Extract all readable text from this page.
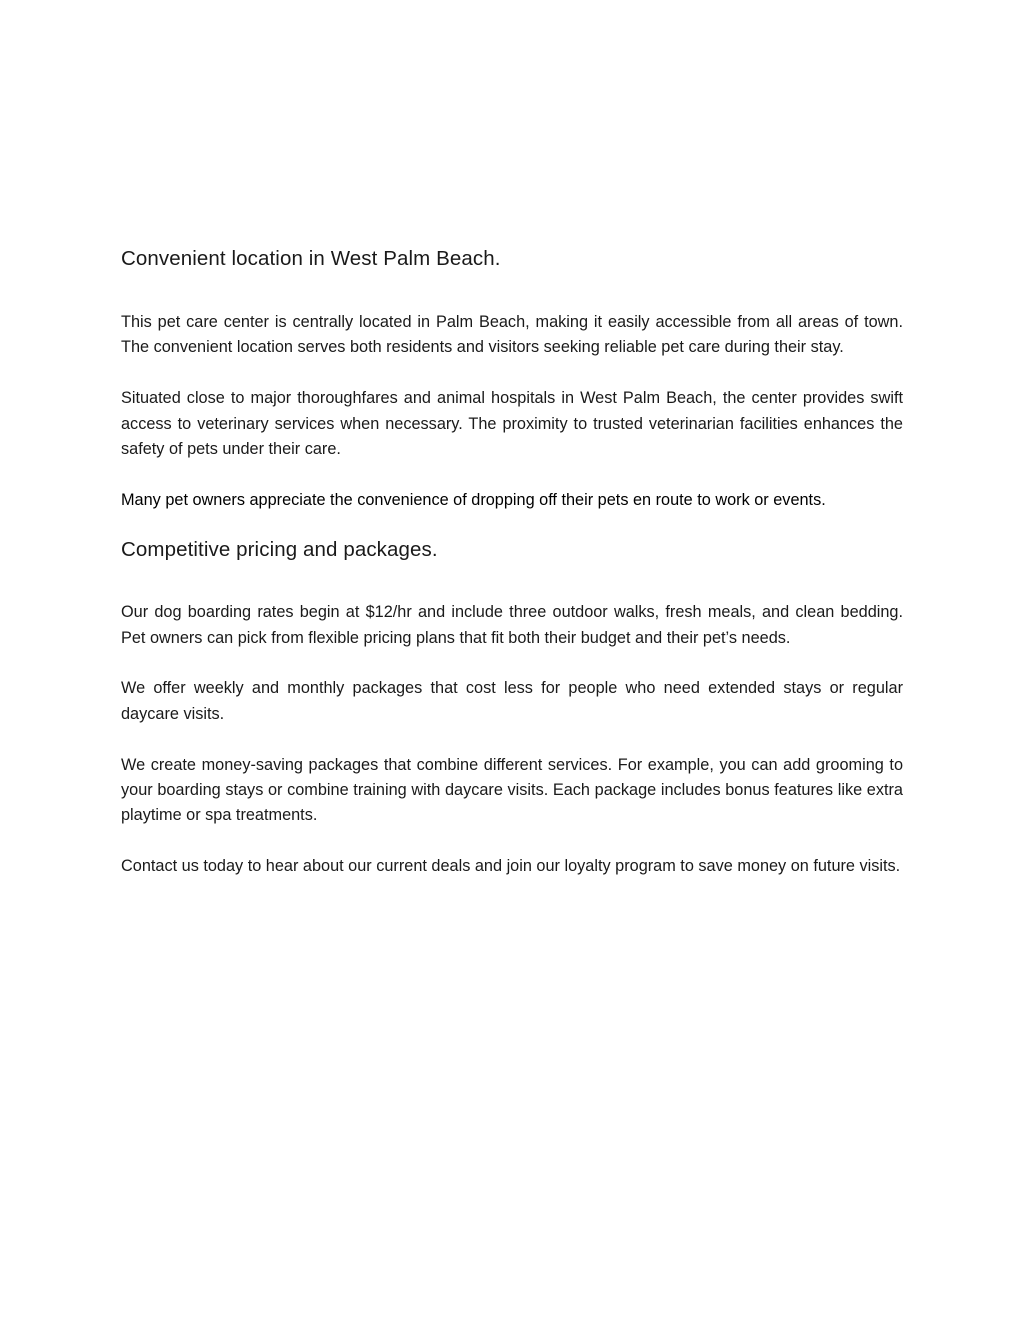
Convenient location in West Palm Beach.

This pet care center is centrally located in Palm Beach, making it easily accessible from all areas of town. The convenient location serves both residents and visitors seeking reliable pet care during their stay.

Situated close to major thoroughfares and animal hospitals in West Palm Beach, the center provides swift access to veterinary services when necessary. The proximity to trusted veterinarian facilities enhances the safety of pets under their care.

Many pet owners appreciate the convenience of dropping off their pets en route to work or events.

Competitive pricing and packages.

Our dog boarding rates begin at $12/hr and include three outdoor walks, fresh meals, and clean bedding. Pet owners can pick from flexible pricing plans that fit both their budget and their pet’s needs.

We offer weekly and monthly packages that cost less for people who need extended stays or regular daycare visits.

We create money-saving packages that combine different services. For example, you can add grooming to your boarding stays or combine training with daycare visits. Each package includes bonus features like extra playtime or spa treatments.

Contact us today to hear about our current deals and join our loyalty program to save money on future visits.
